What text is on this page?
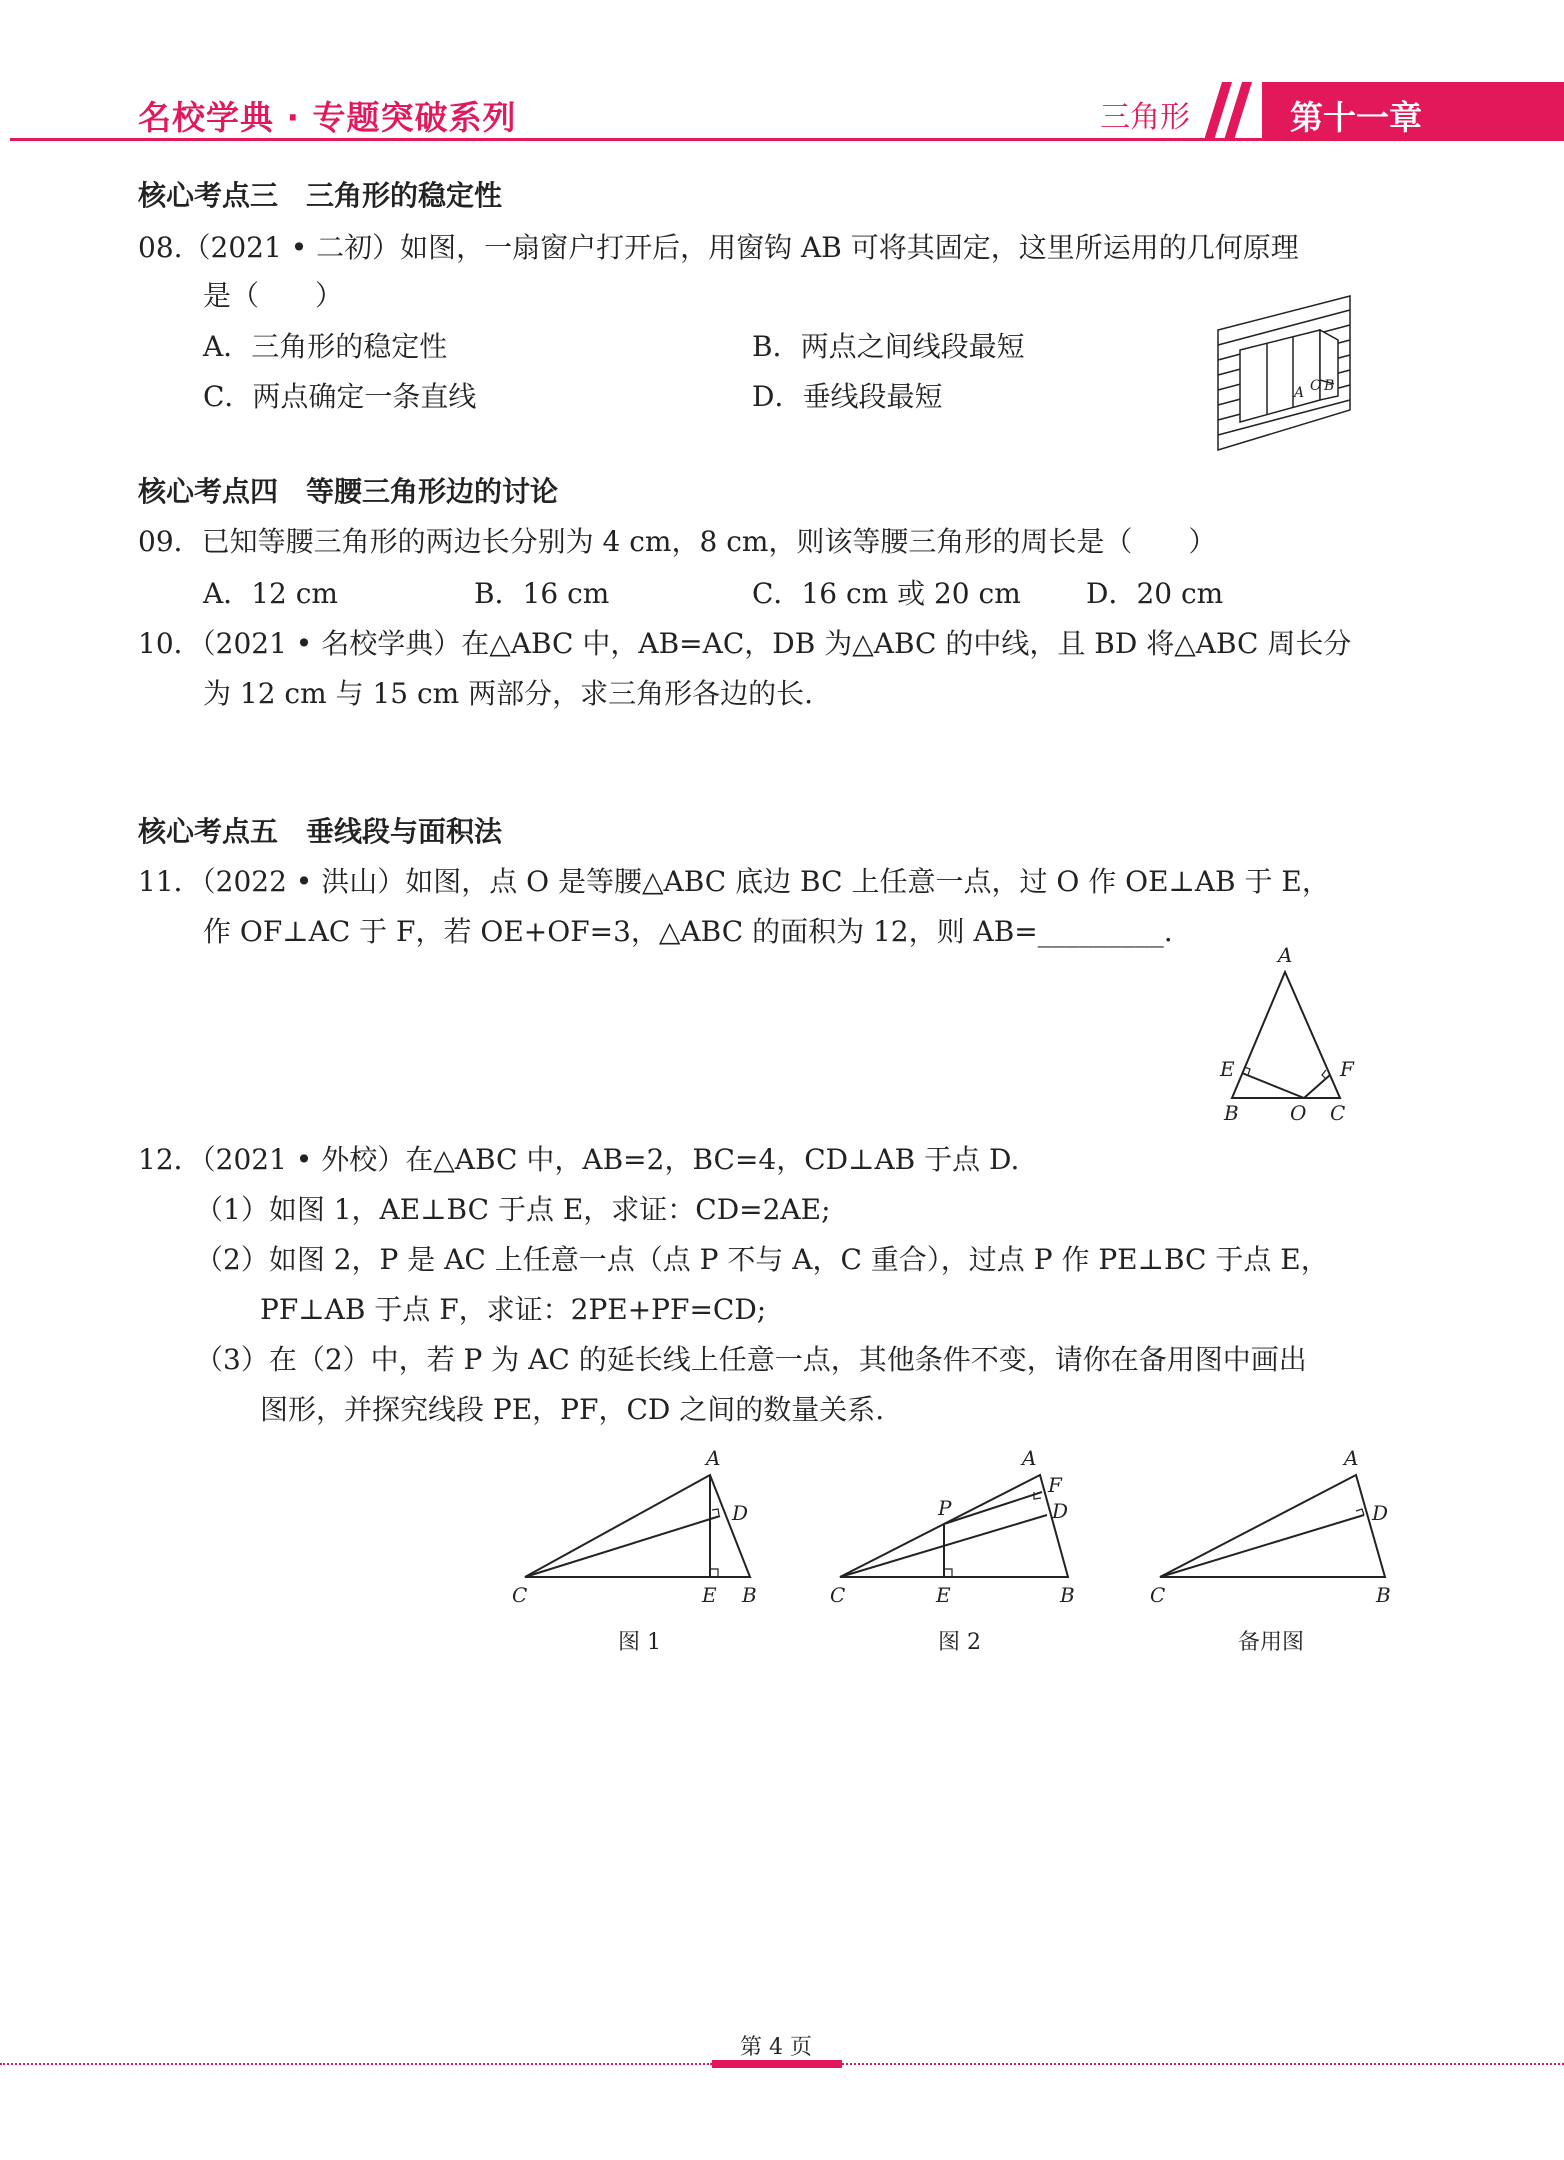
名校学典 · 专题突破系列	三角形	第十一章
核心考点三　三角形的稳定性
08.（2021 • 二初）如图，一扇窗户打开后，用窗钩 AB 可将其固定，这里所运用的几何原理
是（　　）
A．三角形的稳定性	B．两点之间线段最短
C．两点确定一条直线	D．垂线段最短	A O B
核心考点四　等腰三角形边的讨论
09．已知等腰三角形的两边长分别为 4 cm，8 cm，则该等腰三角形的周长是（　　）
A．12 cm	B．16 cm	C．16 cm 或 20 cm D．20 cm
10．（2021 • 名校学典）在△ABC 中，AB=AC，DB 为△ABC 的中线，且 BD 将△ABC 周长分
为 12 cm 与 15 cm 两部分，求三角形各边的长.
核心考点五　垂线段与面积法
11．（2022 • 洪山）如图，点 O 是等腰△ABC 底边 BC 上任意一点，过 O 作 OE⊥AB 于 E，
作 OF⊥AC 于 F，若 OE+OF=3，△ABC 的面积为 12，则 AB=_________.
A
E	F
B	O C
12．（2021 • 外校）在△ABC 中，AB=2，BC=4，CD⊥AB 于点 D.
（1）如图 1，AE⊥BC 于点 E，求证：CD=2AE;
（2）如图 2，P 是 AC 上任意一点（点 P 不与 A，C 重合），过点 P 作 PE⊥BC 于点 E，
PF⊥AB 于点 F，求证：2PE+PF=CD;
（3）在（2）中，若 P 为 AC 的延长线上任意一点，其他条件不变，请你在备用图中画出
图形，并探究线段 PE，PF，CD 之间的数量关系.
A
D
C	E B
图 1
A
F
D
P
C	E	B
图 2
A
D
C	B
备用图
第 4 页
